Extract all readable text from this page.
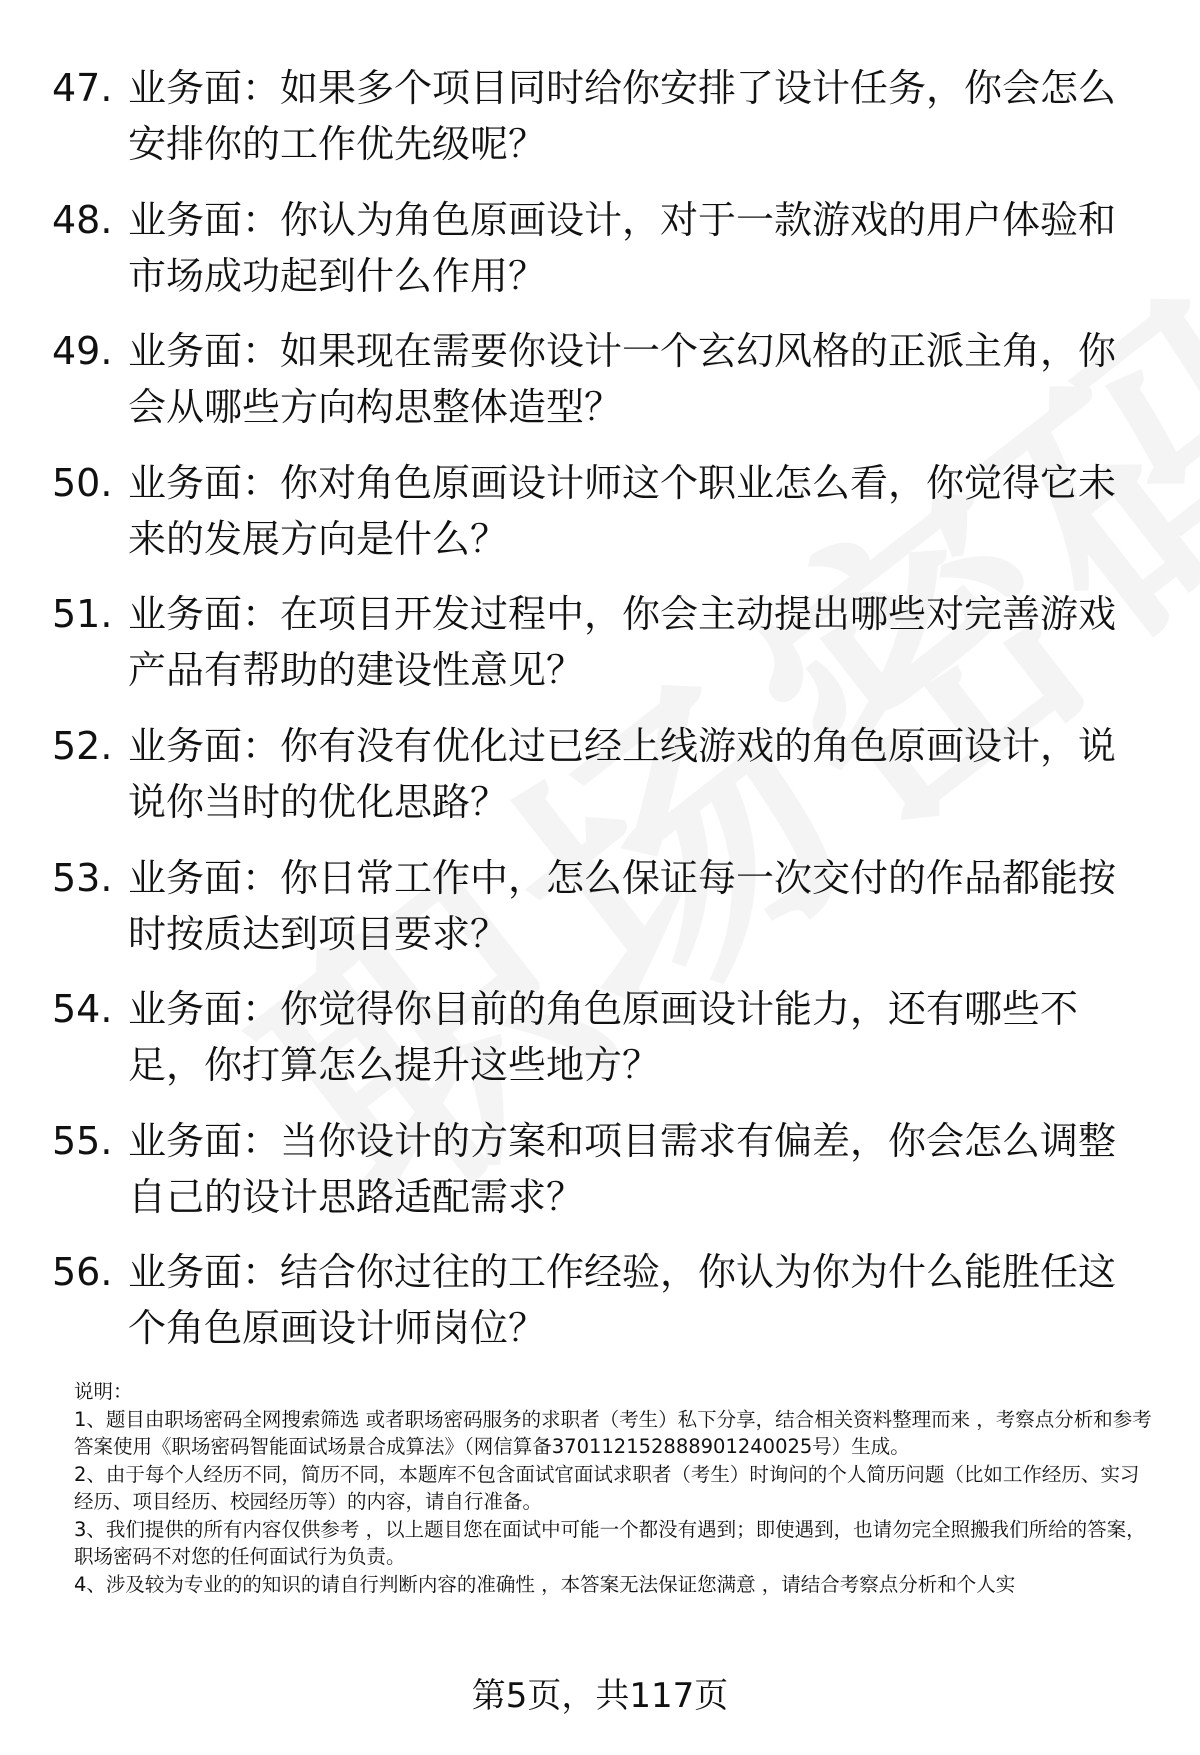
47. 业务面：如果多个项目同时给你安排了设计任务，你会怎么安排你的工作优先级呢？
48. 业务面：你认为角色原画设计，对于一款游戏的用户体验和市场成功起到什么作用？
49. 业务面：如果现在需要你设计一个玄幻风格的正派主角，你会从哪些方向构思整体造型？
50. 业务面：你对角色原画设计师这个职业怎么看，你觉得它未来的发展方向是什么？
51. 业务面：在项目开发过程中，你会主动提出哪些对完善游戏产品有帮助的建设性意见？
52. 业务面：你有没有优化过已经上线游戏的角色原画设计，说说你当时的优化思路？
53. 业务面：你日常工作中，怎么保证每一次交付的作品都能按时按质达到项目要求？
54. 业务面：你觉得你目前的角色原画设计能力，还有哪些不足，你打算怎么提升这些地方？
55. 业务面：当你设计的方案和项目需求有偏差，你会怎么调整自己的设计思路适配需求？
56. 业务面：结合你过往的工作经验，你认为你为什么能胜任这个角色原画设计师岗位？

说明：

1、题目由职场密码全网搜索筛选 或者职场密码服务的求职者（考生）私下分享，结合相关资料整理而来 ，考察点分析和参考答案使用《职场密码智能面试场景合成算法》（网信算备370112152888901240025号）生成。

2、由于每个人经历不同，简历不同，本题库不包含面试官面试求职者（考生）时询问的个人简历问题（比如工作经历、实习经历、项目经历、校园经历等）的内容，请自行准备。

3、我们提供的所有内容仅供参考 ，以上题目您在面试中可能一个都没有遇到；即使遇到，也请勿完全照搬我们所给的答案，职场密码不对您的任何面试行为负责。

4、涉及较为专业的的知识的请自行判断内容的准确性 ，本答案无法保证您满意 ，请结合考察点分析和个人实

第5页，共117页
